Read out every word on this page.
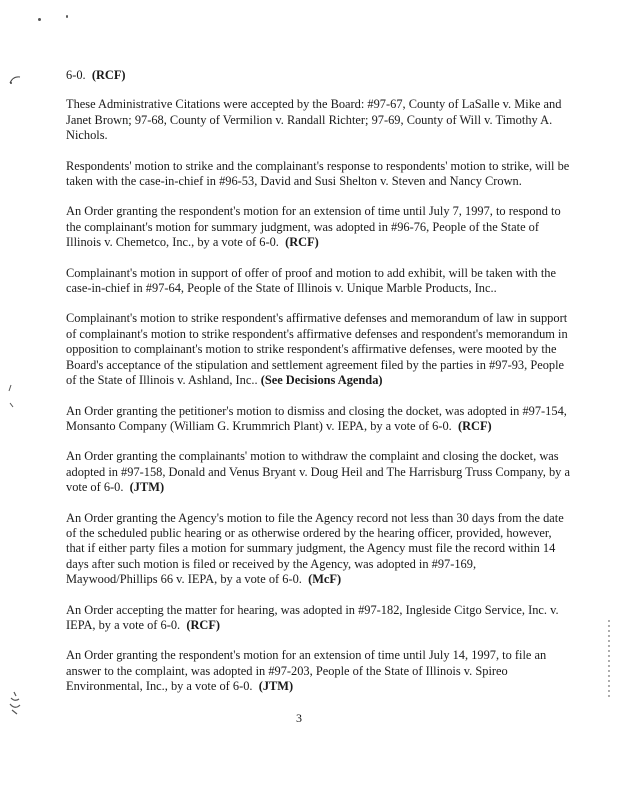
6-0. (RCF)

These Administrative Citations were accepted by the Board: #97-67, County of LaSalle v. Mike and Janet Brown; 97-68, County of Vermilion v. Randall Richter; 97-69, County of Will v. Timothy A. Nichols.

Respondents' motion to strike and the complainant's response to respondents' motion to strike, will be taken with the case-in-chief in #96-53, David and Susi Shelton v. Steven and Nancy Crown.

An Order granting the respondent's motion for an extension of time until July 7, 1997, to respond to the complainant's motion for summary judgment, was adopted in #96-76, People of the State of Illinois v. Chemetco, Inc., by a vote of 6-0. (RCF)

Complainant's motion in support of offer of proof and motion to add exhibit, will be taken with the case-in-chief in #97-64, People of the State of Illinois v. Unique Marble Products, Inc..

Complainant's motion to strike respondent's affirmative defenses and memorandum of law in support of complainant's motion to strike respondent's affirmative defenses and respondent's memorandum in opposition to complainant's motion to strike respondent's affirmative defenses, were mooted by the Board's acceptance of the stipulation and settlement agreement filed by the parties in #97-93, People of the State of Illinois v. Ashland, Inc.. (See Decisions Agenda)

An Order granting the petitioner's motion to dismiss and closing the docket, was adopted in #97-154, Monsanto Company (William G. Krummrich Plant) v. IEPA, by a vote of 6-0. (RCF)

An Order granting the complainants' motion to withdraw the complaint and closing the docket, was adopted in #97-158, Donald and Venus Bryant v. Doug Heil and The Harrisburg Truss Company, by a vote of 6-0. (JTM)

An Order granting the Agency's motion to file the Agency record not less than 30 days from the date of the scheduled public hearing or as otherwise ordered by the hearing officer, provided, however, that if either party files a motion for summary judgment, the Agency must file the record within 14 days after such motion is filed or received by the Agency, was adopted in #97-169, Maywood/Phillips 66 v. IEPA, by a vote of 6-0. (McF)

An Order accepting the matter for hearing, was adopted in #97-182, Ingleside Citgo Service, Inc. v. IEPA, by a vote of 6-0. (RCF)

An Order granting the respondent's motion for an extension of time until July 14, 1997, to file an answer to the complaint, was adopted in #97-203, People of the State of Illinois v. Spireo Environmental, Inc., by a vote of 6-0. (JTM)

3
